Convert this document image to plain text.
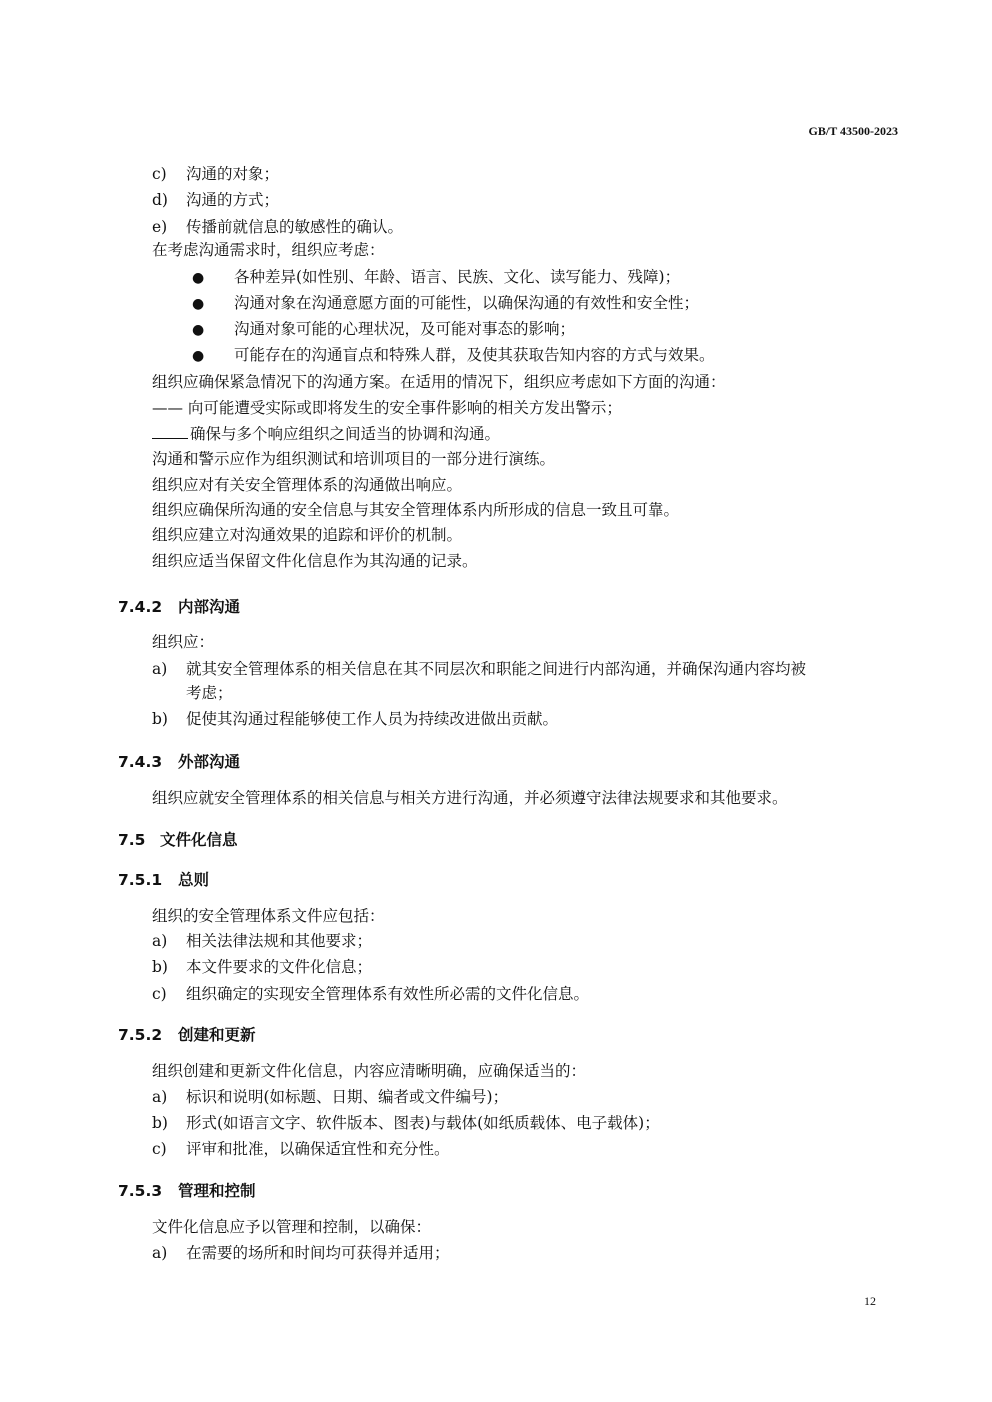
GB/T 43500-2023
c) 沟通的对象；
d) 沟通的方式；
e) 传播前就信息的敏感性的确认。
在考虑沟通需求时，组织应考虑：
● 各种差异(如性别、年龄、语言、民族、文化、读写能力、残障)；
● 沟通对象在沟通意愿方面的可能性，以确保沟通的有效性和安全性；
● 沟通对象可能的心理状况，及可能对事态的影响；
● 可能存在的沟通盲点和特殊人群，及使其获取告知内容的方式与效果。
组织应确保紧急情况下的沟通方案。在适用的情况下，组织应考虑如下方面的沟通：
—— 向可能遭受实际或即将发生的安全事件影响的相关方发出警示；
确保与多个响应组织之间适当的协调和沟通。
沟通和警示应作为组织测试和培训项目的一部分进行演练。
组织应对有关安全管理体系的沟通做出响应。
组织应确保所沟通的安全信息与其安全管理体系内所形成的信息一致且可靠。
组织应建立对沟通效果的追踪和评价的机制。
组织应适当保留文件化信息作为其沟通的记录。
7.4.2 内部沟通
组织应：
a) 就其安全管理体系的相关信息在其不同层次和职能之间进行内部沟通，并确保沟通内容均被
考虑；
b) 促使其沟通过程能够使工作人员为持续改进做出贡献。
7.4.3 外部沟通
组织应就安全管理体系的相关信息与相关方进行沟通，并必须遵守法律法规要求和其他要求。
7.5 文件化信息
7.5.1 总则
组织的安全管理体系文件应包括：
a) 相关法律法规和其他要求；
b) 本文件要求的文件化信息；
c) 组织确定的实现安全管理体系有效性所必需的文件化信息。
7.5.2 创建和更新
组织创建和更新文件化信息，内容应清晰明确，应确保适当的：
a) 标识和说明(如标题、日期、编者或文件编号)；
b) 形式(如语言文字、软件版本、图表)与载体(如纸质载体、电子载体)；
c) 评审和批准，以确保适宜性和充分性。
7.5.3 管理和控制
文件化信息应予以管理和控制，以确保：
a) 在需要的场所和时间均可获得并适用；
12
